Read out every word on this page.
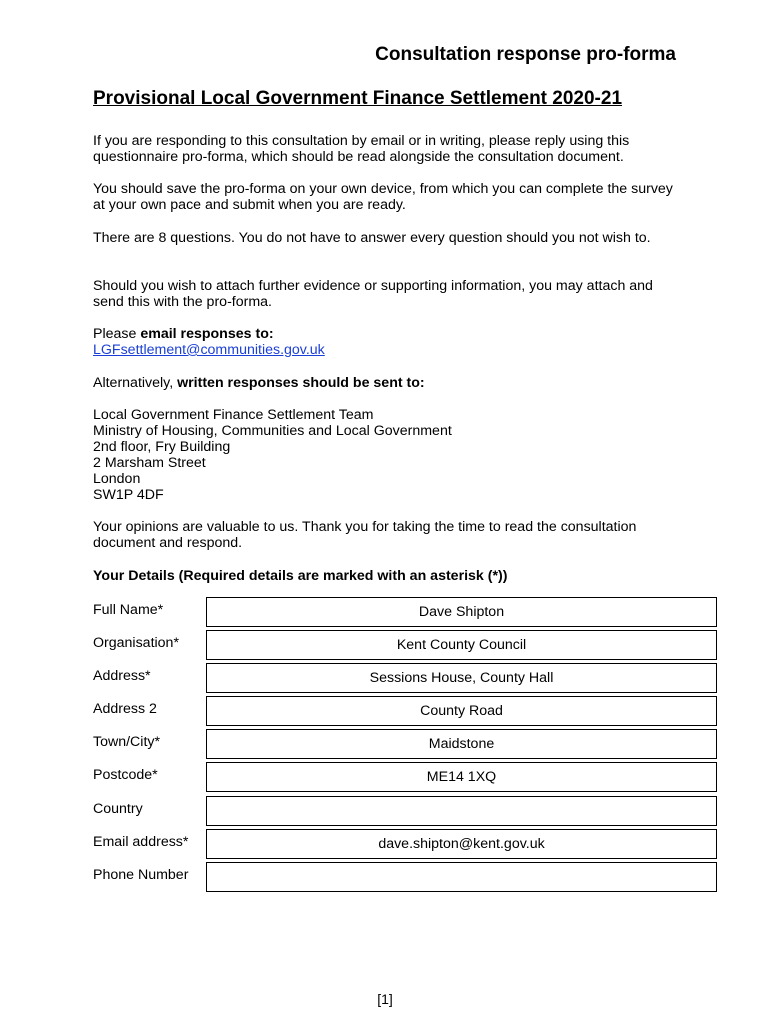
Consultation response pro-forma
Provisional Local Government Finance Settlement 2020-21
If you are responding to this consultation by email or in writing, please reply using this questionnaire pro-forma, which should be read alongside the consultation document.
You should save the pro-forma on your own device, from which you can complete the survey at your own pace and submit when you are ready.
There are 8 questions. You do not have to answer every question should you not wish to.
Should you wish to attach further evidence or supporting information, you may attach and send this with the pro-forma.
Please email responses to:
LGFsettlement@communities.gov.uk
Alternatively, written responses should be sent to:
Local Government Finance Settlement Team
Ministry of Housing, Communities and Local Government
2nd floor, Fry Building
2 Marsham Street
London
SW1P 4DF
Your opinions are valuable to us. Thank you for taking the time to read the consultation document and respond.
Your Details (Required details are marked with an asterisk (*))
Full Name*	Dave Shipton
Organisation*	Kent County Council
Address*	Sessions House, County Hall
Address 2	County Road
Town/City*	Maidstone
Postcode*	ME14 1XQ
Country
Email address*	dave.shipton@kent.gov.uk
Phone Number
[1]
